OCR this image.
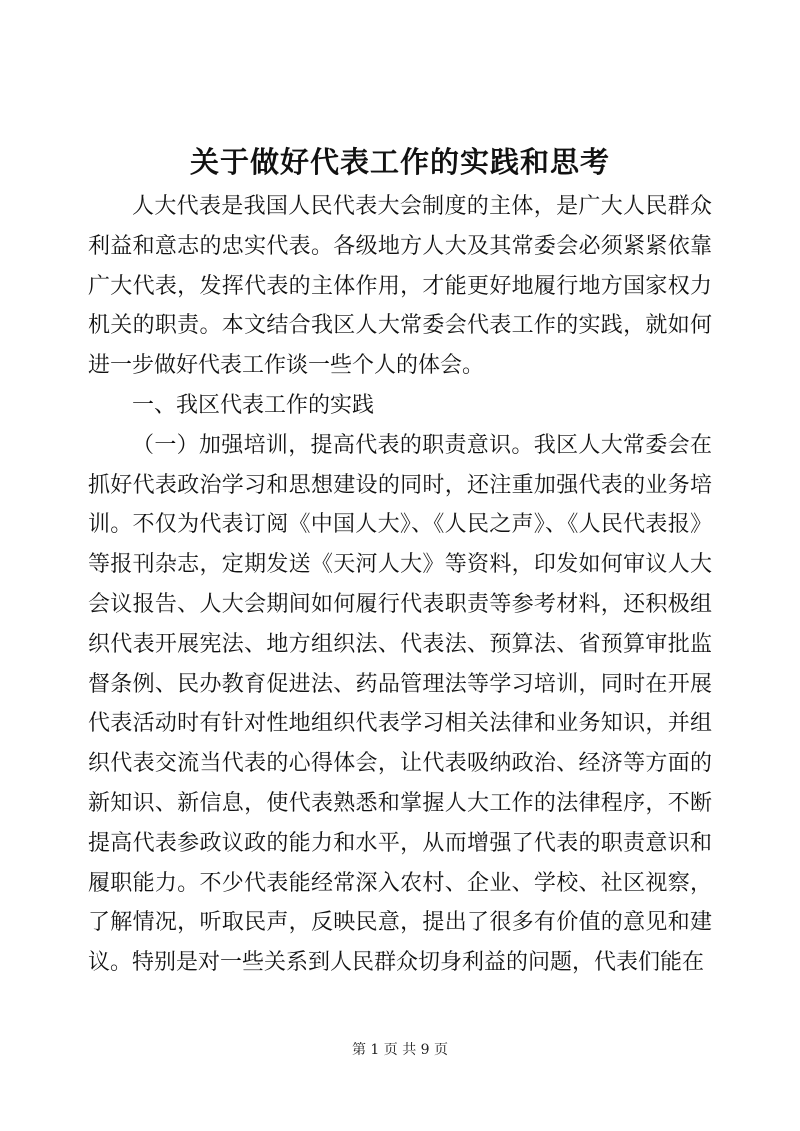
关于做好代表工作的实践和思考

人大代表是我国人民代表大会制度的主体，是广大人民群众利益和意志的忠实代表。各级地方人大及其常委会必须紧紧依靠广大代表，发挥代表的主体作用，才能更好地履行地方国家权力机关的职责。本文结合我区人大常委会代表工作的实践，就如何进一步做好代表工作谈一些个人的体会。

一、我区代表工作的实践

（一）加强培训，提高代表的职责意识。我区人大常委会在抓好代表政治学习和思想建设的同时，还注重加强代表的业务培训。不仅为代表订阅《中国人大》、《人民之声》、《人民代表报》等报刊杂志，定期发送《天河人大》等资料，印发如何审议人大会议报告、人大会期间如何履行代表职责等参考材料，还积极组织代表开展宪法、地方组织法、代表法、预算法、省预算审批监督条例、民办教育促进法、药品管理法等学习培训，同时在开展代表活动时有针对性地组织代表学习相关法律和业务知识，并组织代表交流当代表的心得体会，让代表吸纳政治、经济等方面的新知识、新信息，使代表熟悉和掌握人大工作的法律程序，不断提高代表参政议政的能力和水平，从而增强了代表的职责意识和履职能力。不少代表能经常深入农村、企业、学校、社区视察，了解情况，听取民声，反映民意，提出了很多有价值的意见和建议。特别是对一些关系到人民群众切身利益的问题，代表们能在

第 1 页 共 9 页
